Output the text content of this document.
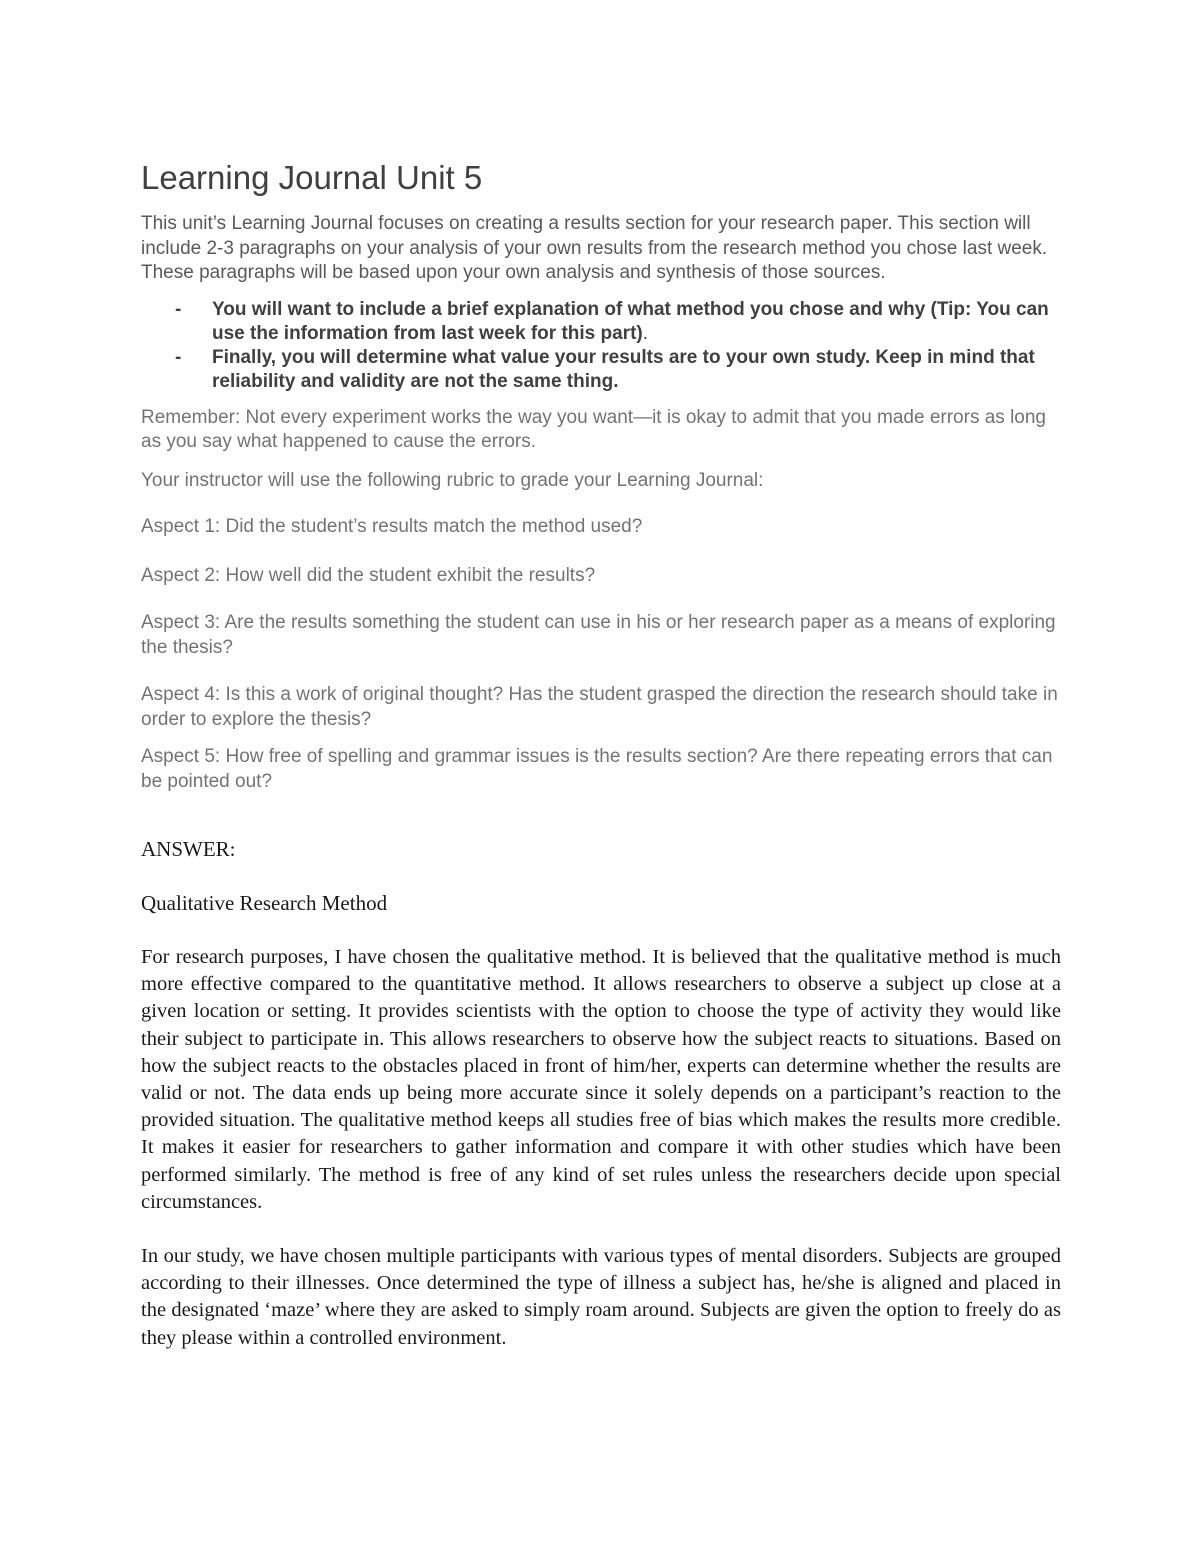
Learning Journal Unit 5

This unit’s Learning Journal focuses on creating a results section for your research paper. This section will include 2-3 paragraphs on your analysis of your own results from the research method you chose last week. These paragraphs will be based upon your own analysis and synthesis of those sources.

- You will want to include a brief explanation of what method you chose and why (Tip: You can use the information from last week for this part).
- Finally, you will determine what value your results are to your own study. Keep in mind that reliability and validity are not the same thing.

Remember: Not every experiment works the way you want—it is okay to admit that you made errors as long as you say what happened to cause the errors.

Your instructor will use the following rubric to grade your Learning Journal:

Aspect 1: Did the student’s results match the method used?

Aspect 2: How well did the student exhibit the results?

Aspect 3: Are the results something the student can use in his or her research paper as a means of exploring the thesis?

Aspect 4: Is this a work of original thought? Has the student grasped the direction the research should take in order to explore the thesis?

Aspect 5: How free of spelling and grammar issues is the results section? Are there repeating errors that can be pointed out?

ANSWER:

Qualitative Research Method

For research purposes, I have chosen the qualitative method. It is believed that the qualitative method is much more effective compared to the quantitative method. It allows researchers to observe a subject up close at a given location or setting. It provides scientists with the option to choose the type of activity they would like their subject to participate in. This allows researchers to observe how the subject reacts to situations. Based on how the subject reacts to the obstacles placed in front of him/her, experts can determine whether the results are valid or not. The data ends up being more accurate since it solely depends on a participant’s reaction to the provided situation. The qualitative method keeps all studies free of bias which makes the results more credible. It makes it easier for researchers to gather information and compare it with other studies which have been performed similarly. The method is free of any kind of set rules unless the researchers decide upon special circumstances.

In our study, we have chosen multiple participants with various types of mental disorders. Subjects are grouped according to their illnesses. Once determined the type of illness a subject has, he/she is aligned and placed in the designated ‘maze’ where they are asked to simply roam around. Subjects are given the option to freely do as they please within a controlled environment.
